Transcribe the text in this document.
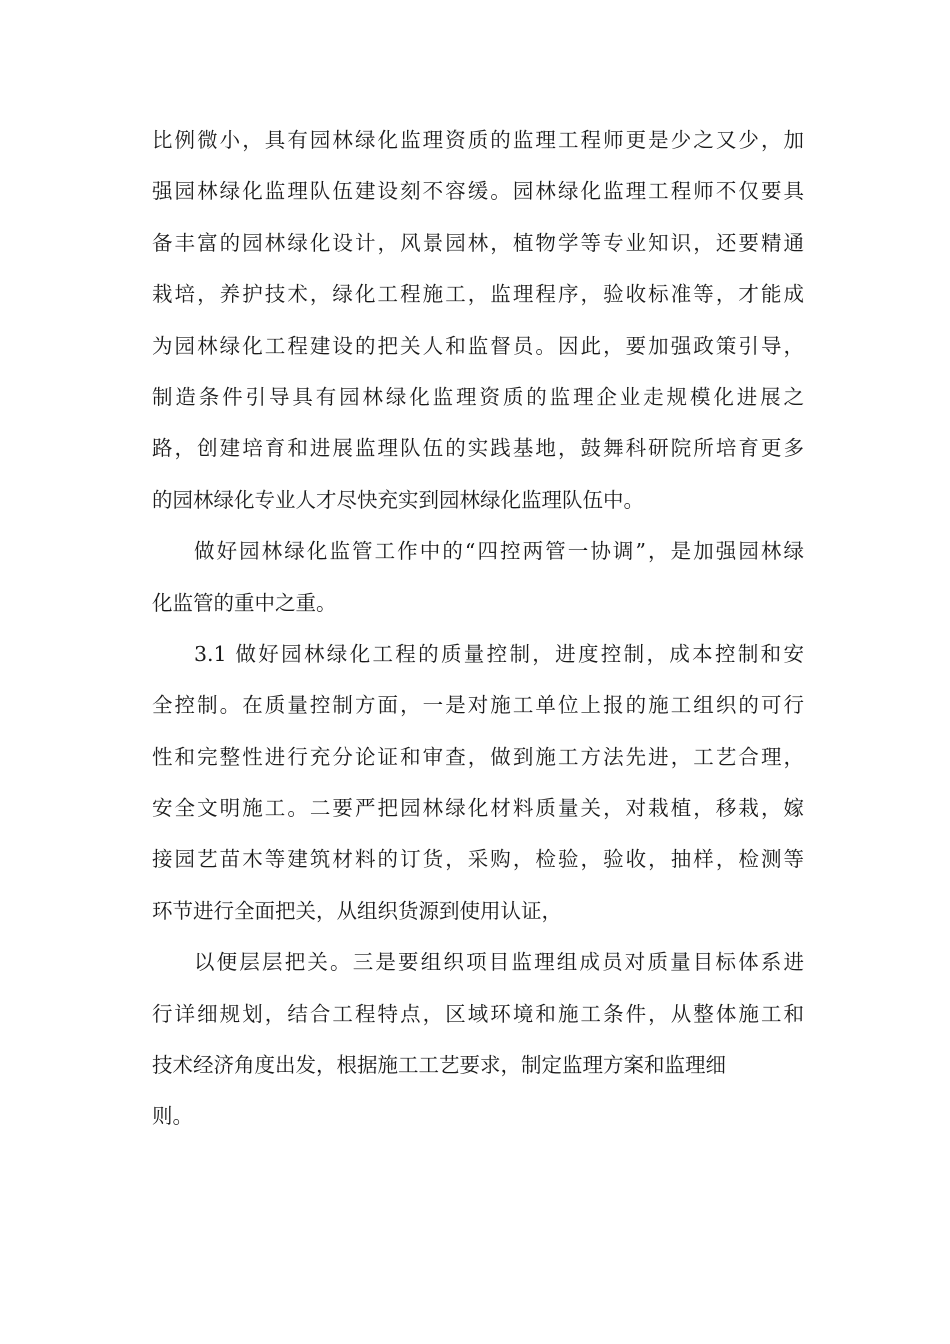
比例微小，具有园林绿化监理资质的监理工程师更是少之又少，加
强园林绿化监理队伍建设刻不容缓。园林绿化监理工程师不仅要具
备丰富的园林绿化设计，风景园林，植物学等专业知识，还要精通
栽培，养护技术，绿化工程施工，监理程序，验收标准等，才能成
为园林绿化工程建设的把关人和监督员。因此，要加强政策引导，
制造条件引导具有园林绿化监理资质的监理企业走规模化进展之
路，创建培育和进展监理队伍的实践基地，鼓舞科研院所培育更多
的园林绿化专业人才尽快充实到园林绿化监理队伍中。
做好园林绿化监管工作中的“四控两管一协调”，是加强园林绿
化监管的重中之重。
3.1 做好园林绿化工程的质量控制，进度控制，成本控制和安
全控制。在质量控制方面，一是对施工单位上报的施工组织的可行
性和完整性进行充分论证和审查，做到施工方法先进，工艺合理，
安全文明施工。二要严把园林绿化材料质量关，对栽植，移栽，嫁
接园艺苗木等建筑材料的订货，采购，检验，验收，抽样，检测等
环节进行全面把关，从组织货源到使用认证，
以便层层把关。三是要组织项目监理组成员对质量目标体系进
行详细规划，结合工程特点，区域环境和施工条件，从整体施工和
技术经济角度出发，根据施工工艺要求，制定监理方案和监理细
则。
